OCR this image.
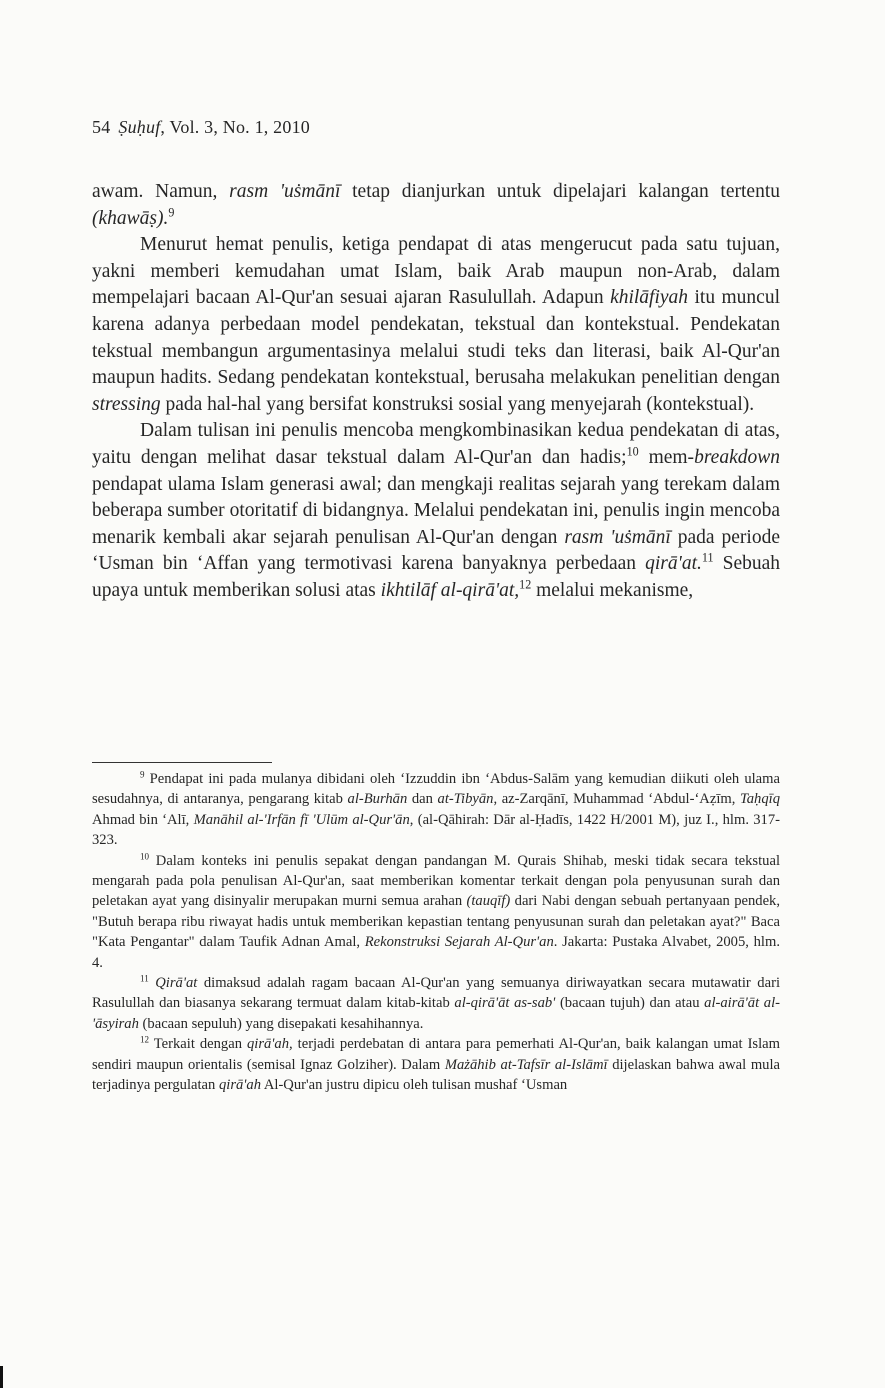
54 Ṣuḥuf, Vol. 3, No. 1, 2010

awam. Namun, rasm 'uṡmānī tetap dianjurkan untuk dipelajari kalangan tertentu (khawāṣ).$^9$

Menurut hemat penulis, ketiga pendapat di atas mengerucut pada satu tujuan, yakni memberi kemudahan umat Islam, baik Arab maupun non-Arab, dalam mempelajari bacaan Al-Qur'an sesuai ajaran Rasulullah. Adapun khilāfiyah itu muncul karena adanya perbedaan model pendekatan, tekstual dan kontekstual. Pendekatan tekstual membangun argumentasinya melalui studi teks dan literasi, baik Al-Qur'an maupun hadits. Sedang pendekatan kontekstual, berusaha melakukan penelitian dengan stressing pada hal-hal yang bersifat konstruksi sosial yang menyejarah (kontekstual).

Dalam tulisan ini penulis mencoba mengkombinasikan kedua pendekatan di atas, yaitu dengan melihat dasar tekstual dalam Al-Qur'an dan hadis;$^{10}$ mem-breakdown pendapat ulama Islam generasi awal; dan mengkaji realitas sejarah yang terekam dalam beberapa sumber otoritatif di bidangnya. Melalui pendekatan ini, penulis ingin mencoba menarik kembali akar sejarah penulisan Al-Qur'an dengan rasm 'uṡmānī pada periode ‘Usman bin ‘Affan yang termotivasi karena banyaknya perbedaan qirā'at.$^{11}$ Sebuah upaya untuk memberikan solusi atas ikhtilāf al-qirā'at,$^{12}$ melalui mekanisme,

$^9$ Pendapat ini pada mulanya dibidani oleh ‘Izzuddin ibn ‘Abdus-Salām yang kemudian diikuti oleh ulama sesudahnya, di antaranya, pengarang kitab al-Burhān dan at-Tibyān, az-Zarqānī, Muhammad ‘Abdul-‘Aẓīm, Taḥqīq Ahmad bin ‘Alī, Manāhil al-'Irfān fī 'Ulūm al-Qur'ān, (al-Qāhirah: Dār al-Ḥadīs, 1422 H/2001 M), juz I., hlm. 317-323.

$^{10}$ Dalam konteks ini penulis sepakat dengan pandangan M. Qurais Shihab, meski tidak secara tekstual mengarah pada pola penulisan Al-Qur'an, saat memberikan komentar terkait dengan pola penyusunan surah dan peletakan ayat yang disinyalir merupakan murni semua arahan (tauqīf) dari Nabi dengan sebuah pertanyaan pendek, "Butuh berapa ribu riwayat hadis untuk memberikan kepastian tentang penyusunan surah dan peletakan ayat?" Baca "Kata Pengantar" dalam Taufik Adnan Amal, Rekonstruksi Sejarah Al-Qur'an. Jakarta: Pustaka Alvabet, 2005, hlm. 4.

$^{11}$ Qirā'at dimaksud adalah ragam bacaan Al-Qur'an yang semuanya diriwayatkan secara mutawatir dari Rasulullah dan biasanya sekarang termuat dalam kitab-kitab al-qirā'āt as-sab' (bacaan tujuh) dan atau al-airā'āt al-'āsyirah (bacaan sepuluh) yang disepakati kesahihannya.

$^{12}$ Terkait dengan qirā'ah, terjadi perdebatan di antara para pemerhati Al-Qur'an, baik kalangan umat Islam sendiri maupun orientalis (semisal Ignaz Golziher). Dalam Mażāhib at-Tafsīr al-Islāmī dijelaskan bahwa awal mula terjadinya pergulatan qirā'ah Al-Qur'an justru dipicu oleh tulisan mushaf ‘Usman
